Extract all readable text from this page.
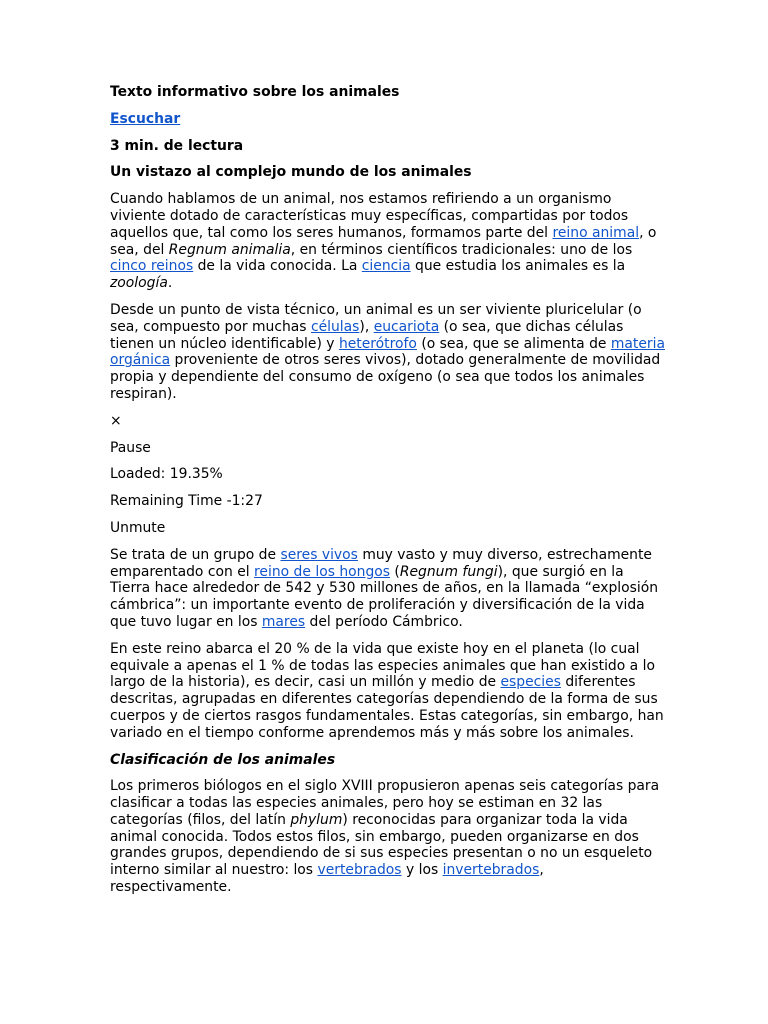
Texto informativo sobre los animales

Escuchar

3 min. de lectura

Un vistazo al complejo mundo de los animales

Cuando hablamos de un animal, nos estamos refiriendo a un organismo viviente dotado de características muy específicas, compartidas por todos aquellos que, tal como los seres humanos, formamos parte del reino animal, o sea, del Regnum animalia, en términos científicos tradicionales: uno de los cinco reinos de la vida conocida. La ciencia que estudia los animales es la zoología.

Desde un punto de vista técnico, un animal es un ser viviente pluricelular (o sea, compuesto por muchas células), eucariota (o sea, que dichas células tienen un núcleo identificable) y heterótrofo (o sea, que se alimenta de materia orgánica proveniente de otros seres vivos), dotado generalmente de movilidad propia y dependiente del consumo de oxígeno (o sea que todos los animales respiran).

×

Pause

Loaded: 19.35%

Remaining Time -1:27

Unmute

Se trata de un grupo de seres vivos muy vasto y muy diverso, estrechamente emparentado con el reino de los hongos (Regnum fungi), que surgió en la Tierra hace alrededor de 542 y 530 millones de años, en la llamada “explosión cámbrica”: un importante evento de proliferación y diversificación de la vida que tuvo lugar en los mares del período Cámbrico.

En este reino abarca el 20 % de la vida que existe hoy en el planeta (lo cual equivale a apenas el 1 % de todas las especies animales que han existido a lo largo de la historia), es decir, casi un millón y medio de especies diferentes descritas, agrupadas en diferentes categorías dependiendo de la forma de sus cuerpos y de ciertos rasgos fundamentales. Estas categorías, sin embargo, han variado en el tiempo conforme aprendemos más y más sobre los animales.

Clasificación de los animales

Los primeros biólogos en el siglo XVIII propusieron apenas seis categorías para clasificar a todas las especies animales, pero hoy se estiman en 32 las categorías (filos, del latín phylum) reconocidas para organizar toda la vida animal conocida. Todos estos filos, sin embargo, pueden organizarse en dos grandes grupos, dependiendo de si sus especies presentan o no un esqueleto interno similar al nuestro: los vertebrados y los invertebrados, respectivamente.
